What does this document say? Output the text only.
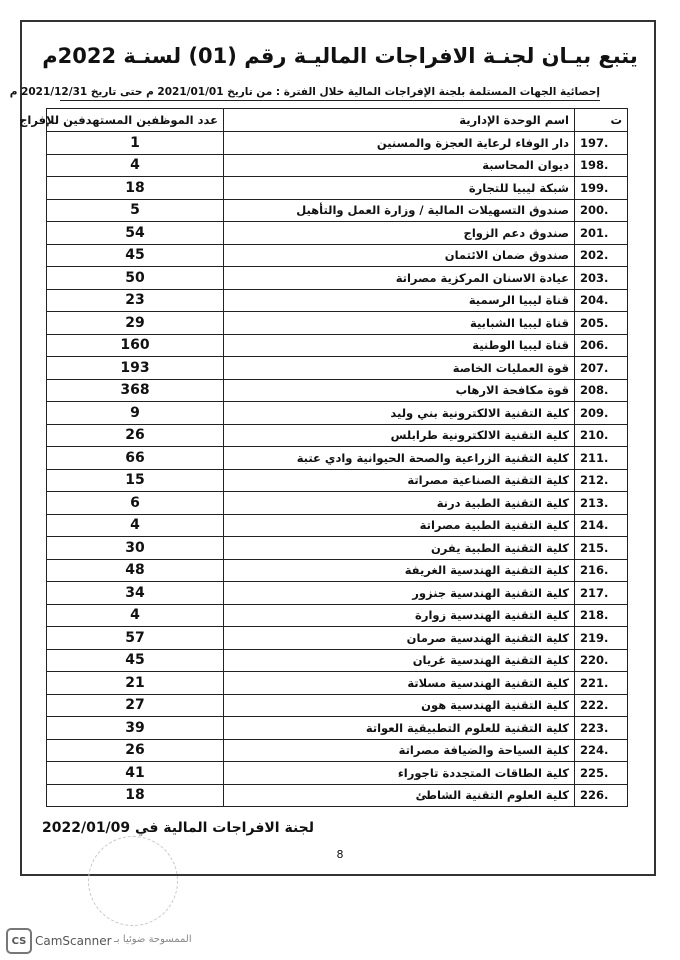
يتبع بيـان لجنـة الافراجات الماليـة رقم (01) لسنـة 2022م
إحصائية الجهات المستلمة بلجنة الإفراجات المالية خلال الفترة : من تاريخ 2021/01/01 م حتى تاريخ 2021/12/31 م
ت	اسم الوحدة الإدارية	عدد الموظفين المستهدفين للإفراج
197.	دار الوفاء لرعاية العجزة والمسنين	1
198.	ديوان المحاسبة	4
199.	شبكة ليبيا للتجارة	18
200.	صندوق التسهيلات المالية / وزارة العمل والتأهيل	5
201.	صندوق دعم الزواج	54
202.	صندوق ضمان الائتمان	45
203.	عيادة الاسنان المركزية مصراتة	50
204.	قناة ليبيا الرسمية	23
205.	قناة ليبيا الشبابية	29
206.	قناة ليبيا الوطنية	160
207.	قوة العمليات الخاصة	193
208.	قوة مكافحة الارهاب	368
209.	كلية التقنية الالكترونية بني وليد	9
210.	كلية التقنية الالكترونية طرابلس	26
211.	كلية التقنية الزراعية والصحة الحيوانية وادي عتبة	66
212.	كلية التقنية الصناعية مصراتة	15
213.	كلية التقنية الطبية درنة	6
214.	كلية التقنية الطبية مصراتة	4
215.	كلية التقنية الطبية يفرن	30
216.	كلية التقنية الهندسية الغريفة	48
217.	كلية التقنية الهندسية جنزور	34
218.	كلية التقنية الهندسية زوارة	4
219.	كلية التقنية الهندسية صرمان	57
220.	كلية التقنية الهندسية غريان	45
221.	كلية التقنية الهندسية مسلاتة	21
222.	كلية التقنية الهندسية هون	27
223.	كلية التقنية للعلوم التطبيقية العواتة	39
224.	كلية السياحة والضيافة مصراتة	26
225.	كلية الطاقات المتجددة تاجوراء	41
226.	كلية العلوم التقنية الشاطئ	18
2022/01/09 لجنة الافراجات المالية في
8
CS CamScanner الممسوحة ضوئيا بـ
